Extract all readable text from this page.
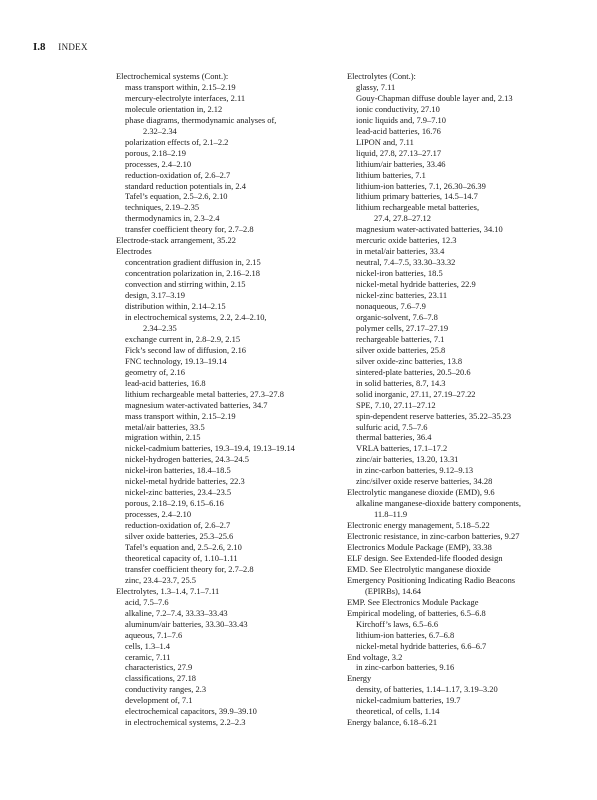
I.8 INDEX
Electrochemical systems (Cont.):
mass transport within, 2.15–2.19
mercury-electrolyte interfaces, 2.11
molecule orientation in, 2.12
phase diagrams, thermodynamic analyses of,
2.32–2.34
polarization effects of, 2.1–2.2
porous, 2.18–2.19
processes, 2.4–2.10
reduction-oxidation of, 2.6–2.7
standard reduction potentials in, 2.4
Tafel’s equation, 2.5–2.6, 2.10
techniques, 2.19–2.35
thermodynamics in, 2.3–2.4
transfer coefficient theory for, 2.7–2.8
Electrode-stack arrangement, 35.22
Electrodes
concentration gradient diffusion in, 2.15
concentration polarization in, 2.16–2.18
convection and stirring within, 2.15
design, 3.17–3.19
distribution within, 2.14–2.15
in electrochemical systems, 2.2, 2.4–2.10,
2.34–2.35
exchange current in, 2.8–2.9, 2.15
Fick’s second law of diffusion, 2.16
FNC technology, 19.13–19.14
geometry of, 2.16
lead-acid batteries, 16.8
lithium rechargeable metal batteries, 27.3–27.8
magnesium water-activated batteries, 34.7
mass transport within, 2.15–2.19
metal/air batteries, 33.5
migration within, 2.15
nickel-cadmium batteries, 19.3–19.4, 19.13–19.14
nickel-hydrogen batteries, 24.3–24.5
nickel-iron batteries, 18.4–18.5
nickel-metal hydride batteries, 22.3
nickel-zinc batteries, 23.4–23.5
porous, 2.18–2.19, 6.15–6.16
processes, 2.4–2.10
reduction-oxidation of, 2.6–2.7
silver oxide batteries, 25.3–25.6
Tafel’s equation and, 2.5–2.6, 2.10
theoretical capacity of, 1.10–1.11
transfer coefficient theory for, 2.7–2.8
zinc, 23.4–23.7, 25.5
Electrolytes, 1.3–1.4, 7.1–7.11
acid, 7.5–7.6
alkaline, 7.2–7.4, 33.33–33.43
aluminum/air batteries, 33.30–33.43
aqueous, 7.1–7.6
cells, 1.3–1.4
ceramic, 7.11
characteristics, 27.9
classifications, 27.18
conductivity ranges, 2.3
development of, 7.1
electrochemical capacitors, 39.9–39.10
in electrochemical systems, 2.2–2.3
Electrolytes (Cont.):
glassy, 7.11
Gouy-Chapman diffuse double layer and, 2.13
ionic conductivity, 27.10
ionic liquids and, 7.9–7.10
lead-acid batteries, 16.76
LIPON and, 7.11
liquid, 27.8, 27.13–27.17
lithium/air batteries, 33.46
lithium batteries, 7.1
lithium-ion batteries, 7.1, 26.30–26.39
lithium primary batteries, 14.5–14.7
lithium rechargeable metal batteries,
27.4, 27.8–27.12
magnesium water-activated batteries, 34.10
mercuric oxide batteries, 12.3
in metal/air batteries, 33.4
neutral, 7.4–7.5, 33.30–33.32
nickel-iron batteries, 18.5
nickel-metal hydride batteries, 22.9
nickel-zinc batteries, 23.11
nonaqueous, 7.6–7.9
organic-solvent, 7.6–7.8
polymer cells, 27.17–27.19
rechargeable batteries, 7.1
silver oxide batteries, 25.8
silver oxide-zinc batteries, 13.8
sintered-plate batteries, 20.5–20.6
in solid batteries, 8.7, 14.3
solid inorganic, 27.11, 27.19–27.22
SPE, 7.10, 27.11–27.12
spin-dependent reserve batteries, 35.22–35.23
sulfuric acid, 7.5–7.6
thermal batteries, 36.4
VRLA batteries, 17.1–17.2
zinc/air batteries, 13.20, 13.31
in zinc-carbon batteries, 9.12–9.13
zinc/silver oxide reserve batteries, 34.28
Electrolytic manganese dioxide (EMD), 9.6
alkaline manganese-dioxide battery components,
11.8–11.9
Electronic energy management, 5.18–5.22
Electronic resistance, in zinc-carbon batteries, 9.27
Electronics Module Package (EMP), 33.38
ELF design. See Extended-life flooded design
EMD. See Electrolytic manganese dioxide
Emergency Positioning Indicating Radio Beacons
(EPIRBs), 14.64
EMP. See Electronics Module Package
Empirical modeling, of batteries, 6.5–6.8
Kirchoff’s laws, 6.5–6.6
lithium-ion batteries, 6.7–6.8
nickel-metal hydride batteries, 6.6–6.7
End voltage, 3.2
in zinc-carbon batteries, 9.16
Energy
density, of batteries, 1.14–1.17, 3.19–3.20
nickel-cadmium batteries, 19.7
theoretical, of cells, 1.14
Energy balance, 6.18–6.21
